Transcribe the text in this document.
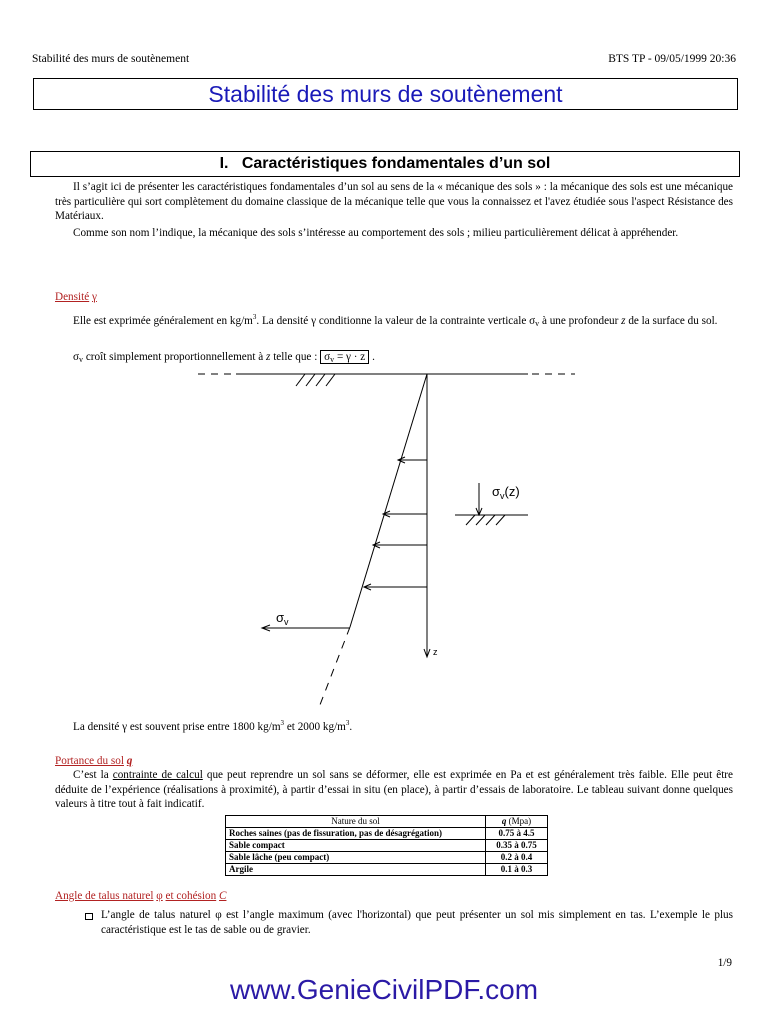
Stabilité des murs de soutènement	BTS TP - 09/05/1999 20:36
Stabilité des murs de soutènement
I. Caractéristiques fondamentales d’un sol
Il s’agit ici de présenter les caractéristiques fondamentales d’un sol au sens de la « mécanique des sols » : la mécanique des sols est une mécanique très particulière qui sort complètement du domaine classique de la mécanique telle que vous la connaissez et l'avez étudiée sous l'aspect Résistance des Matériaux.
Comme son nom l’indique, la mécanique des sols s’intéresse au comportement des sols ; milieu particulièrement délicat à appréhender.
Densité γ
Elle est exprimée généralement en $kg/m^3$. La densité γ conditionne la valeur de la contrainte verticale $\sigma_v$ à une profondeur z de la surface du sol.
$\sigma_v$ croît simplement proportionnellement à z telle que : $\sigma_v = \gamma \cdot z$ .
$\sigma_v(z)$
$\sigma_v$
z
La densité γ est souvent prise entre 1800 $kg/m^3$ et 2000 $kg/m^3$.
Portance du sol q
C’est la contrainte de calcul que peut reprendre un sol sans se déformer, elle est exprimée en Pa et est généralement très faible. Elle peut être déduite de l’expérience (réalisations à proximité), à partir d’essai in situ (en place), à partir d’essais de laboratoire. Le tableau suivant donne quelques valeurs à titre tout à fait indicatif.
Nature du sol	q (Mpa)
Roches saines (pas de fissuration, pas de désagrégation)	0.75 à 4.5
Sable compact	0.35 à 0.75
Sable lâche (peu compact)	0.2 à 0.4
Argile	0.1 à 0.3
Angle de talus naturel φ et cohésion C
L’angle de talus naturel φ est l’angle maximum (avec l'horizontal) que peut présenter un sol mis simplement en tas. L’exemple le plus caractéristique est le tas de sable ou de gravier.
1/9
www.GenieCivilPDF.com
